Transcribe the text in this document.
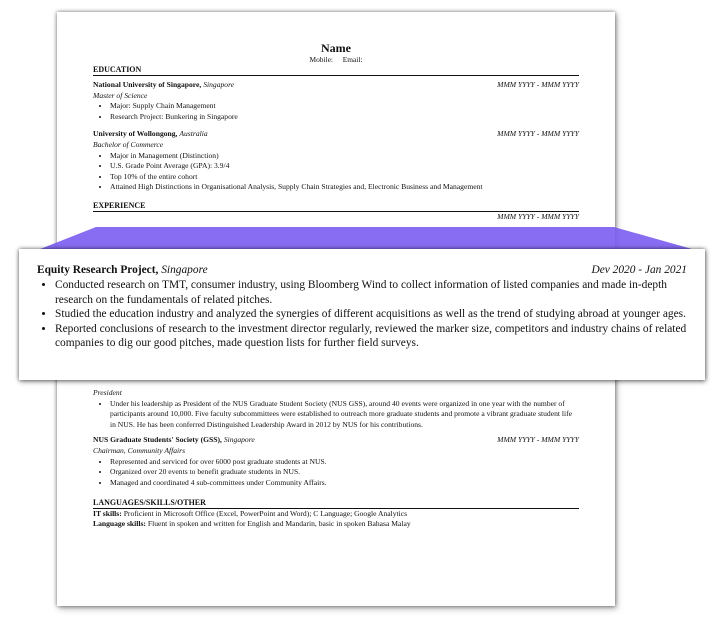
Name
Mobile: Email:
EDUCATION
National University of Singapore, Singapore	MMM YYYY - MMM YYYY
Master of Science
• Major: Supply Chain Management
• Research Project: Bunkering in Singapore
University of Wollongong, Australia	MMM YYYY - MMM YYYY
Bachelor of Commerce
• Major in Management (Distinction)
• U.S. Grade Point Average (GPA): 3.9/4
• Top 10% of the entire cohort
• Attained High Distinctions in Organisational Analysis, Supply Chain Strategies and, Electronic Business and Management
EXPERIENCE
MMM YYYY - MMM YYYY
President
• Under his leadership as President of the NUS Graduate Student Society (NUS GSS), around 40 events were organized in one year with the number of participants around 10,000. Five faculty subcommittees were established to outreach more graduate students and promote a vibrant graduate student life in NUS. He has been conferred Distinguished Leadership Award in 2012 by NUS for his contributions.
NUS Graduate Students' Society (GSS), Singapore	MMM YYYY - MMM YYYY
Chairman, Community Affairs
• Represented and serviced for over 6000 post graduate students at NUS.
• Organized over 20 events to benefit graduate students in NUS.
• Managed and coordinated 4 sub-committees under Community Affairs.
LANGUAGES/SKILLS/OTHER
IT skills: Proficient in Microsoft Office (Excel, PowerPoint and Word); C Language; Google Analytics
Language skills: Fluent in spoken and written for English and Mandarin, basic in spoken Bahasa Malay
Equity Research Project, Singapore	Dev 2020 - Jan 2021
• Conducted research on TMT, consumer industry, using Bloomberg Wind to collect information of listed companies and made in-depth research on the fundamentals of related pitches.
• Studied the education industry and analyzed the synergies of different acquisitions as well as the trend of studying abroad at younger ages.
• Reported conclusions of research to the investment director regularly, reviewed the marker size, competitors and industry chains of related companies to dig our good pitches, made question lists for further field surveys.
